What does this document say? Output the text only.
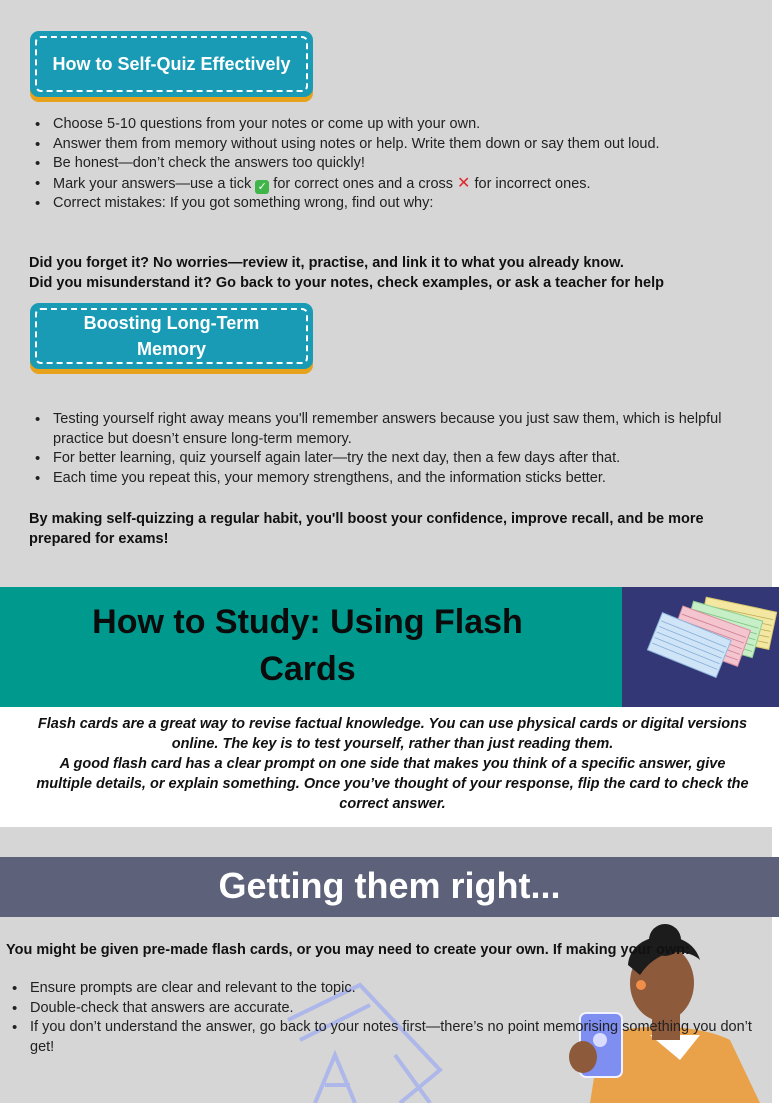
How to Self-Quiz Effectively
• Choose 5-10 questions from your notes or come up with your own.
• Answer them from memory without using notes or help. Write them down or say them out loud.
• Be honest—don’t check the answers too quickly!
• Mark your answers—use a tick ✓ for correct ones and a cross ✕ for incorrect ones.
• Correct mistakes: If you got something wrong, find out why:
Did you forget it? No worries—review it, practise, and link it to what you already know.
Did you misunderstand it? Go back to your notes, check examples, or ask a teacher for help
Boosting Long-Term Memory
• Testing yourself right away means you'll remember answers because you just saw them, which is helpful practice but doesn’t ensure long-term memory.
• For better learning, quiz yourself again later—try the next day, then a few days after that.
• Each time you repeat this, your memory strengthens, and the information sticks better.
By making self-quizzing a regular habit, you'll boost your confidence, improve recall, and be more prepared for exams!
How to Study: Using Flash Cards
Flash cards are a great way to revise factual knowledge. You can use physical cards or digital versions online. The key is to test yourself, rather than just reading them.
A good flash card has a clear prompt on one side that makes you think of a specific answer, give multiple details, or explain something. Once you’ve thought of your response, flip the card to check the correct answer.
Getting them right...
You might be given pre-made flash cards, or you may need to create your own. If making your own:
• Ensure prompts are clear and relevant to the topic.
• Double-check that answers are accurate.
• If you don’t understand the answer, go back to your notes first—there’s no point memorising something you don’t get!
